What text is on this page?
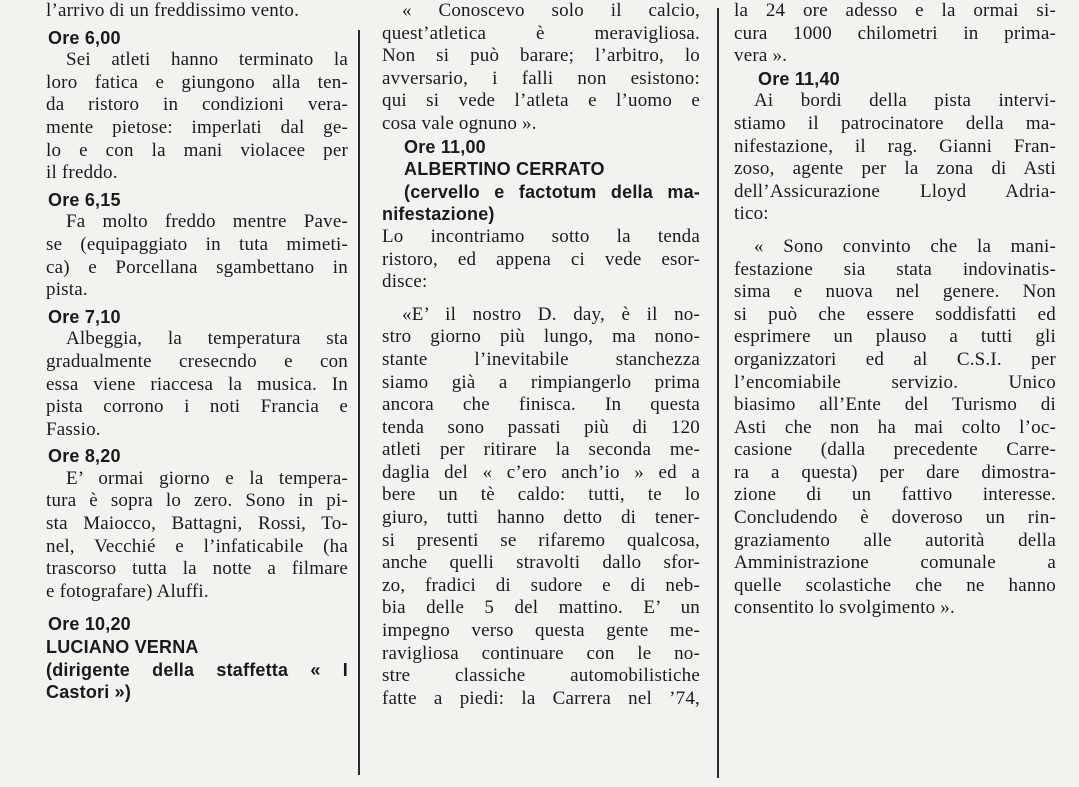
l’arrivo di un freddissimo vento.
Ore 6,00
Sei atleti hanno terminato la
loro fatica e giungono alla ten-
da ristoro in condizioni vera-
mente pietose: imperlati dal ge-
lo e con la mani violacee per
il freddo.
Ore 6,15
Fa molto freddo mentre Pave-
se (equipaggiato in tuta mimeti-
ca) e Porcellana sgambettano in
pista.
Ore 7,10
Albeggia, la temperatura sta
gradualmente cresecndo e con
essa viene riaccesa la musica. In
pista corrono i noti Francia e
Fassio.
Ore 8,20
E’ ormai giorno e la tempera-
tura è sopra lo zero. Sono in pi-
sta Maiocco, Battagni, Rossi, To-
nel, Vecchié e l’infaticabile (ha
trascorso tutta la notte a filmare
e fotografare) Aluffi.
Ore 10,20
LUCIANO VERNA
(dirigente della staffetta « I
Castori »)
« Conoscevo solo il calcio,
quest’atletica è meravigliosa.
Non si può barare; l’arbitro, lo
avversario, i falli non esistono:
qui si vede l’atleta e l’uomo e
cosa vale ognuno ».
Ore 11,00
ALBERTINO CERRATO
(cervello e factotum della ma-
nifestazione)
Lo incontriamo sotto la tenda
ristoro, ed appena ci vede esor-
disce:
«E’ il nostro D. day, è il no-
stro giorno più lungo, ma nono-
stante l’inevitabile stanchezza
siamo già a rimpiangerlo prima
ancora che finisca. In questa
tenda sono passati più di 120
atleti per ritirare la seconda me-
daglia del « c’ero anch’io » ed a
bere un tè caldo: tutti, te lo
giuro, tutti hanno detto di tener-
si presenti se rifaremo qualcosa,
anche quelli stravolti dallo sfor-
zo, fradici di sudore e di neb-
bia delle 5 del mattino. E’ un
impegno verso questa gente me-
ravigliosa continuare con le no-
stre classiche automobilistiche
fatte a piedi: la Carrera nel ’74,
la 24 ore adesso e la ormai si-
cura 1000 chilometri in prima-
vera ».
Ore 11,40
Ai bordi della pista intervi-
stiamo il patrocinatore della ma-
nifestazione, il rag. Gianni Fran-
zoso, agente per la zona di Asti
dell’Assicurazione Lloyd Adria-
tico:
« Sono convinto che la mani-
festazione sia stata indovinatis-
sima e nuova nel genere. Non
si può che essere soddisfatti ed
esprimere un plauso a tutti gli
organizzatori ed al C.S.I. per
l’encomiabile servizio. Unico
biasimo all’Ente del Turismo di
Asti che non ha mai colto l’oc-
casione (dalla precedente Carre-
ra a questa) per dare dimostra-
zione di un fattivo interesse.
Concludendo è doveroso un rin-
graziamento alle autorità della
Amministrazione comunale a
quelle scolastiche che ne hanno
consentito lo svolgimento ».
